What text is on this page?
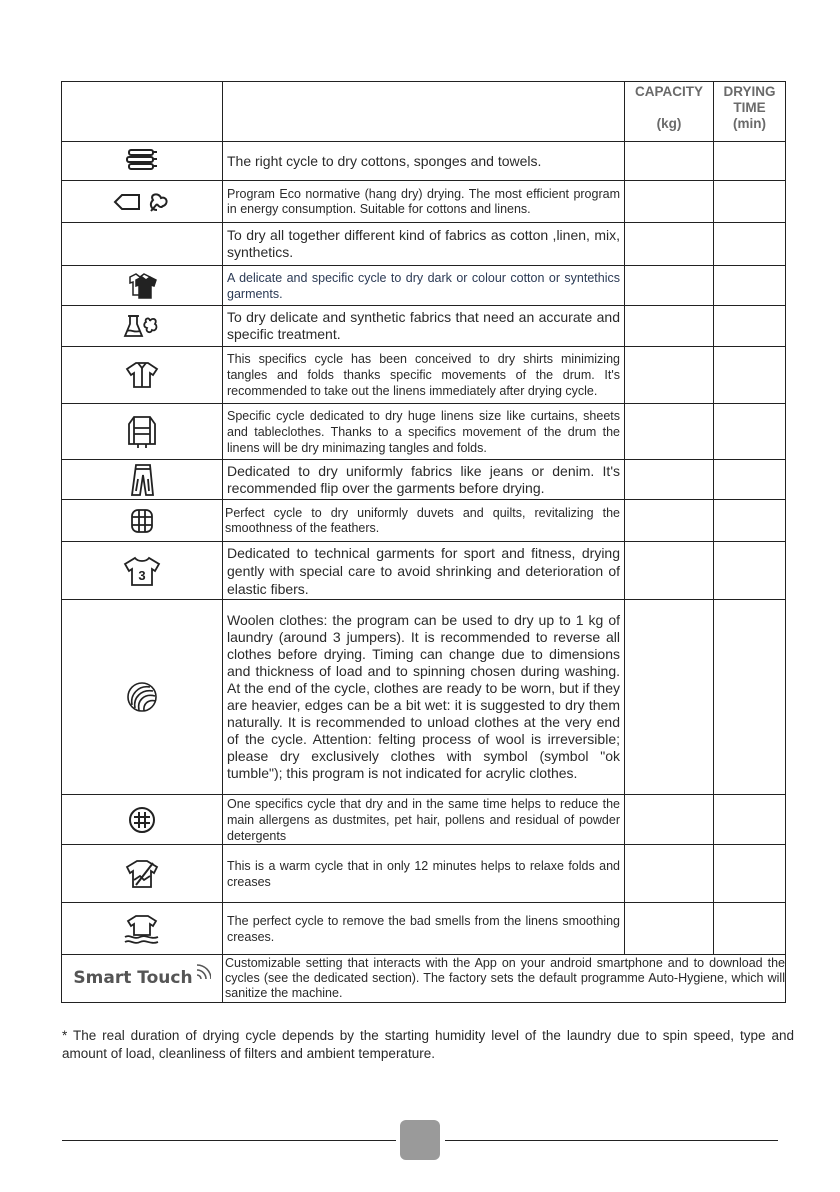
CAPACITY

(kg)
DRYING
TIME
(min)
The right cycle to dry cottons, sponges and towels.
Program Eco normative (hang dry) drying. The most efficient program in energy consumption. Suitable for cottons and linens.
To dry all together different kind of fabrics as cotton ,linen, mix, synthetics.
A delicate and specific cycle to dry dark or colour cotton or syntethics garments.
To dry delicate and synthetic fabrics that need an accurate and specific treatment.
This specifics cycle has been conceived to dry shirts minimizing tangles and folds thanks specific movements of the drum. It's recommended to take out the linens immediately after drying cycle.
Specific cycle dedicated to dry huge linens size like curtains, sheets and tableclothes. Thanks to a specifics movement of the drum the linens will be dry minimazing tangles and folds.
Dedicated to dry uniformly fabrics like jeans or denim. It's recommended flip over the garments before drying.
Perfect cycle to dry uniformly duvets and quilts, revitalizing the smoothness of the feathers.
3
Dedicated to technical garments for sport and fitness, drying gently with special care to avoid shrinking and deterioration of elastic fibers.
Woolen clothes: the program can be used to dry up to 1 kg of laundry (around 3 jumpers). It is recommended to reverse all clothes before drying. Timing can change due to dimensions and thickness of load and to spinning chosen during washing. At the end of the cycle, clothes are ready to be worn, but if they are heavier, edges can be a bit wet: it is suggested to dry them naturally. It is recommended to unload clothes at the very end of the cycle. Attention: felting process of wool is irreversible; please dry exclusively clothes with symbol (symbol "ok tumble"); this program is not indicated for acrylic clothes.
One specifics cycle that dry and in the same time helps to reduce the main allergens as dustmites, pet hair, pollens and residual of powder detergents
This is a warm cycle that in only 12 minutes helps to relaxe folds and creases
The perfect cycle to remove the bad smells from the linens smoothing creases.
Smart Touch
Customizable setting that interacts with the App on your android smartphone and to download the cycles (see the dedicated section). The factory sets the default programme Auto-Hygiene, which will sanitize the machine.
* The real duration of drying cycle depends by the starting humidity level of the laundry due to spin speed, type and amount of load, cleanliness of filters and ambient temperature.
